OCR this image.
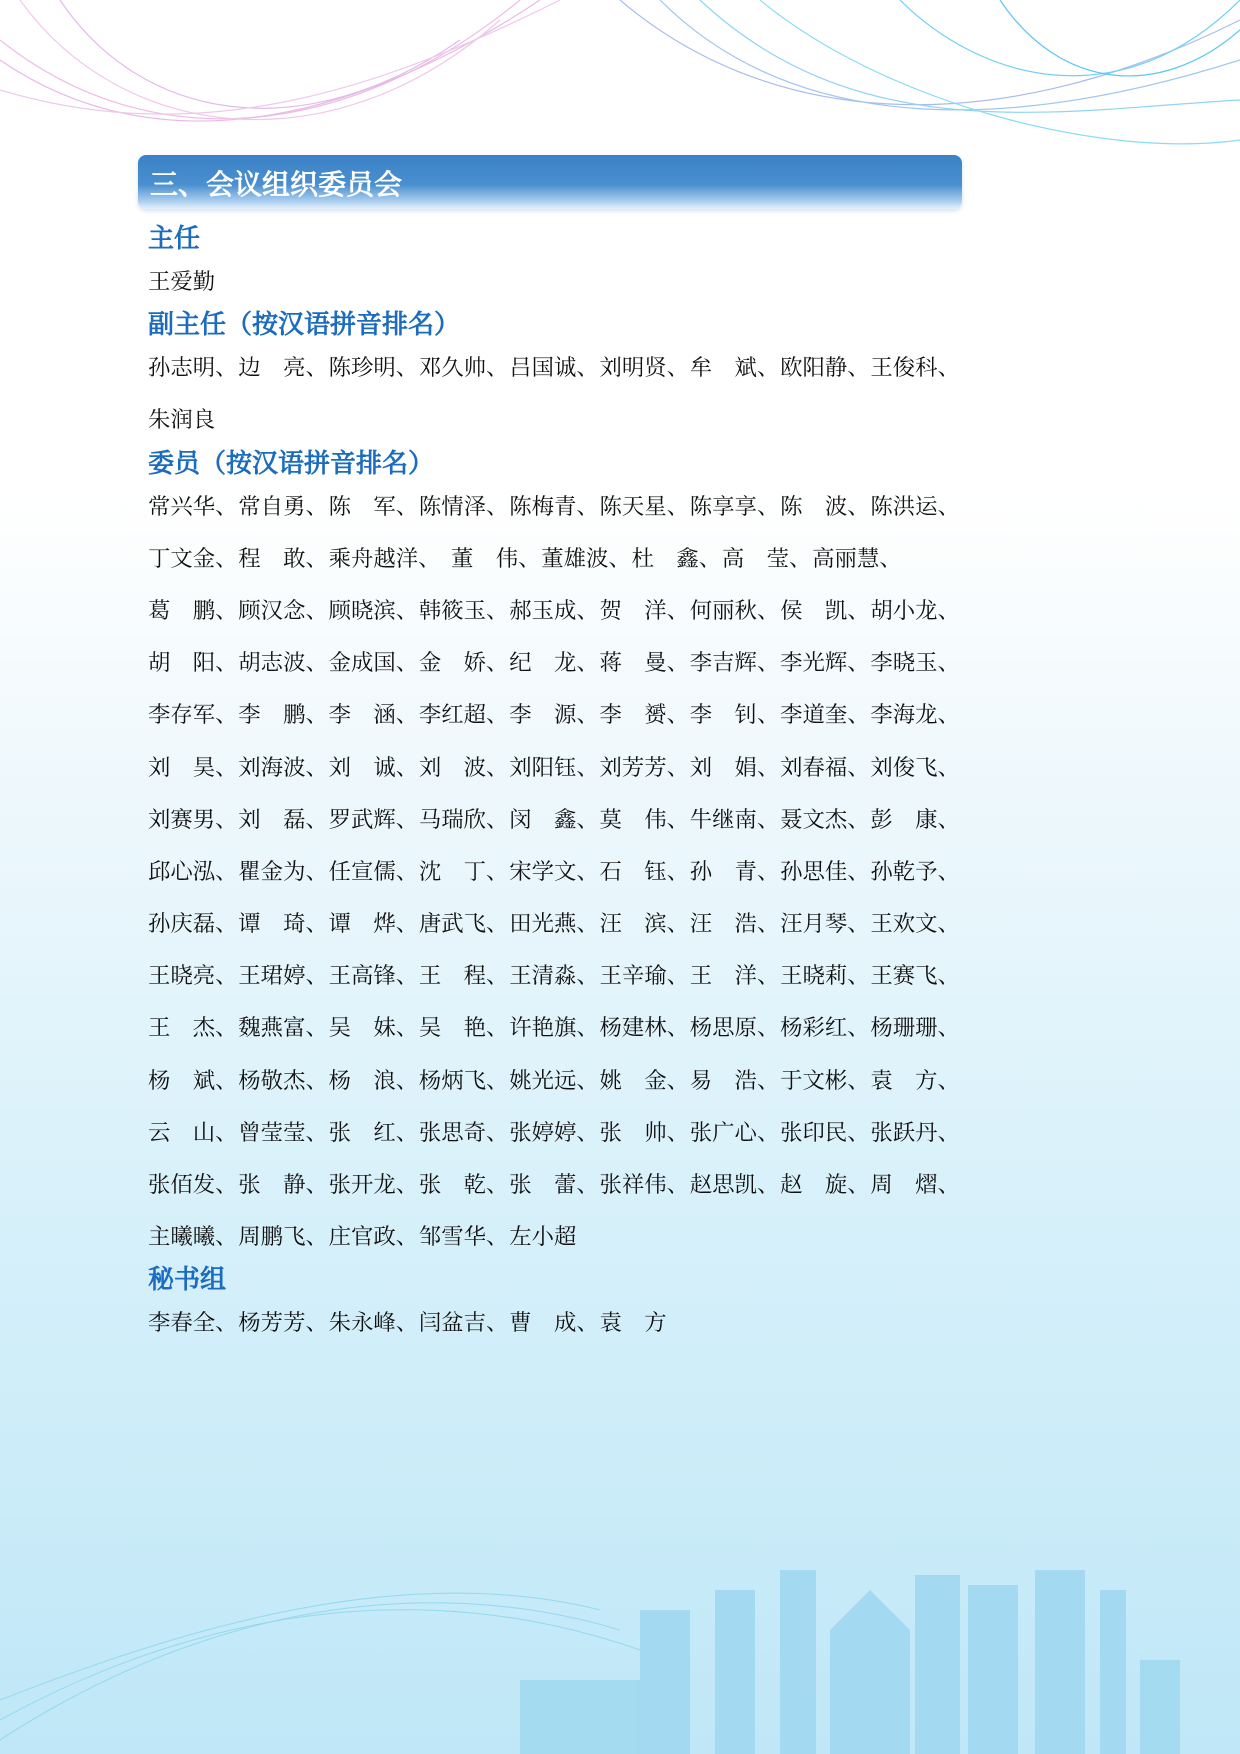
三、会议组织委员会
主任
王爱勤
副主任（按汉语拼音排名）
孙志明、 边　亮、 陈珍明、 邓久帅、 吕国诚、 刘明贤、 牟　斌、 欧阳静、 王俊科、
朱润良
委员（按汉语拼音排名）
常兴华、 常自勇、 陈　军、 陈情泽、 陈梅青、 陈天星、 陈享享、 陈　波、 陈洪运、
丁文金、 程　敢、 乘舟越洋、 董　伟、 董雄波、 杜　鑫、 高　莹、 高丽慧、
葛　鹏、 顾汉念、 顾晓滨、 韩筱玉、 郝玉成、 贺　洋、 何丽秋、 侯　凯、 胡小龙、
胡　阳、 胡志波、 金成国、 金　娇、 纪　龙、 蒋　曼、 李吉辉、 李光辉、 李晓玉、
李存军、 李　鹏、 李　涵、 李红超、 李　源、 李　赟、 李　钊、 李道奎、 李海龙、
刘　昊、 刘海波、 刘　诚、 刘　波、 刘阳钰、 刘芳芳、 刘　娟、 刘春福、 刘俊飞、
刘赛男、 刘　磊、 罗武辉、 马瑞欣、 闵　鑫、 莫　伟、 牛继南、 聂文杰、 彭　康、
邱心泓、 瞿金为、 任宣儒、 沈　丁、 宋学文、 石　钰、 孙　青、 孙思佳、 孙乾予、
孙庆磊、 谭　琦、 谭　烨、 唐武飞、 田光燕、 汪　滨、 汪　浩、 汪月琴、 王欢文、
王晓亮、 王珺婷、 王高锋、 王　程、 王清淼、 王辛瑜、 王　洋、 王晓莉、 王赛飞、
王　杰、 魏燕富、 吴　妹、 吴　艳、 许艳旗、 杨建林、 杨思原、 杨彩红、 杨珊珊、
杨　斌、 杨敬杰、 杨　浪、 杨炳飞、 姚光远、 姚　金、 易　浩、 于文彬、 袁　方、
云　山、 曾莹莹、 张　红、 张思奇、 张婷婷、 张　帅、 张广心、 张印民、 张跃丹、
张佰发、 张　静、 张开龙、 张　乾、 张　蕾、 张祥伟、 赵思凯、 赵　旋、 周　熠、
主曦曦、 周鹏飞、 庄官政、 邹雪华、 左小超
秘书组
李春全、 杨芳芳、 朱永峰、 闫盆吉、 曹　成、 袁　方
